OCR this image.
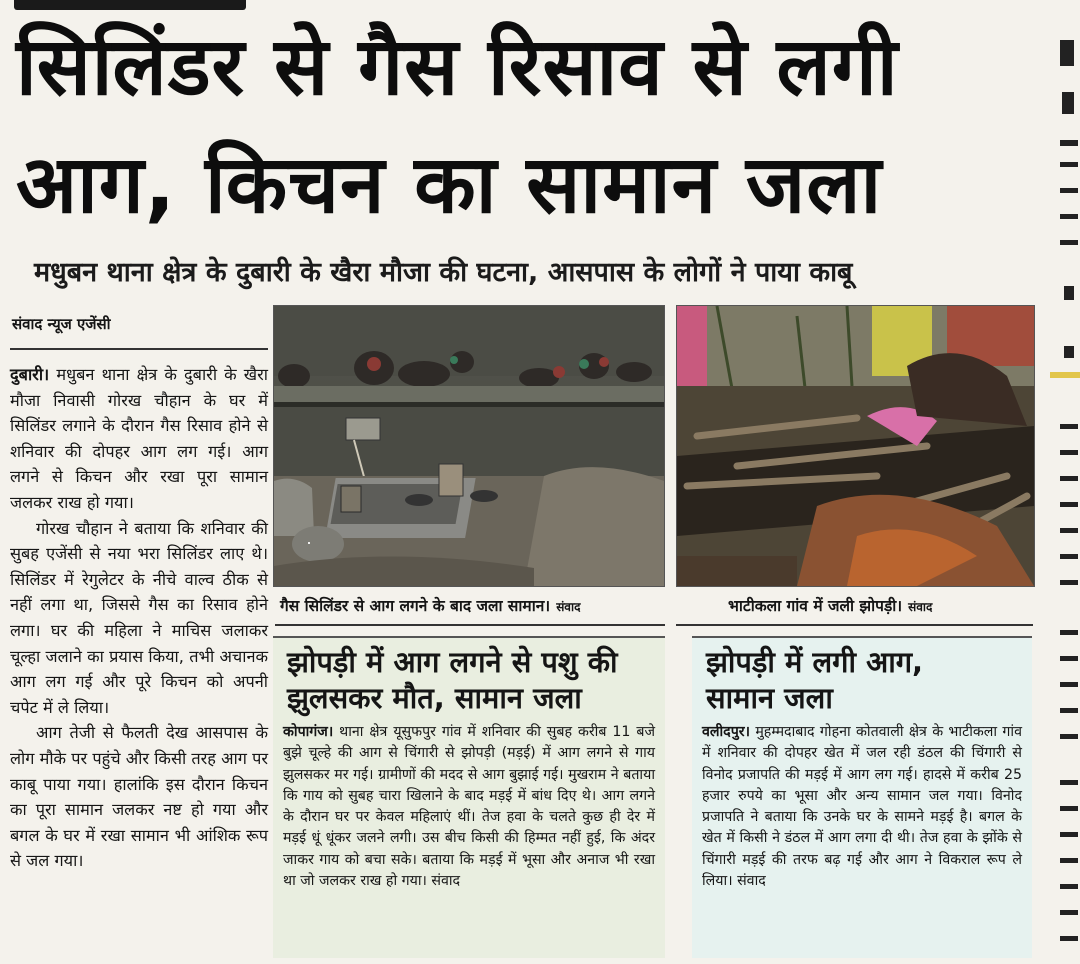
सिलिंडर से गैस रिसाव से लगी
आग, किचन का सामान जला
मधुबन थाना क्षेत्र के दुबारी के खैरा मौजा की घटना, आसपास के लोगों ने पाया काबू
संवाद न्यूज एजेंसी

दुबारी। मधुबन थाना क्षेत्र के दुबारी के खैरा मौजा निवासी गोरख चौहान के घर में सिलिंडर लगाने के दौरान गैस रिसाव होने से शनिवार की दोपहर आग लग गई। आग लगने से किचन और रखा पूरा सामान जलकर राख हो गया।

गोरख चौहान ने बताया कि शनिवार की सुबह एजेंसी से नया भरा सिलिंडर लाए थे। सिलिंडर में रेगुलेटर के नीचे वाल्व ठीक से नहीं लगा था, जिससे गैस का रिसाव होने लगा। घर की महिला ने माचिस जलाकर चूल्हा जलाने का प्रयास किया, तभी अचानक आग लग गई और पूरे किचन को अपनी चपेट में ले लिया।

आग तेजी से फैलती देख आसपास के लोग मौके पर पहुंचे और किसी तरह आग पर काबू पाया गया। हालांकि इस दौरान किचन का पूरा सामान जलकर नष्ट हो गया और बगल के घर में रखा सामान भी आंशिक रूप से जल गया।

गैस सिलिंडर से आग लगने के बाद जला सामान। संवाद	भाटीकला गांव में जली झोपड़ी। संवाद
झोपड़ी में आग लगने से पशु की
झुलसकर मौत, सामान जला
कोपागंज। थाना क्षेत्र यूसुफपुर गांव में शनिवार की सुबह करीब 11 बजे बुझे चूल्हे की आग से चिंगारी से झोपड़ी (मड़ई) में आग लगने से गाय झुलसकर मर गई। ग्रामीणों की मदद से आग बुझाई गई। मुखराम ने बताया कि गाय को सुबह चारा खिलाने के बाद मड़ई में बांध दिए थे। आग लगने के दौरान घर पर केवल महिलाएं थीं। तेज हवा के चलते कुछ ही देर में मड़ई धूं धूंकर जलने लगी। उस बीच किसी की हिम्मत नहीं हुई, कि अंदर जाकर गाय को बचा सके। बताया कि मड़ई में भूसा और अनाज भी रखा था जो जलकर राख हो गया। संवाद
झोपड़ी में लगी आग,
सामान जला
वलीदपुर। मुहम्मदाबाद गोहना कोतवाली क्षेत्र के भाटीकला गांव में शनिवार की दोपहर खेत में जल रही डंठल की चिंगारी से विनोद प्रजापति की मड़ई में आग लग गई। हादसे में करीब 25 हजार रुपये का भूसा और अन्य सामान जल गया। विनोद प्रजापति ने बताया कि उनके घर के सामने मड़ई है। बगल के खेत में किसी ने डंठल में आग लगा दी थी। तेज हवा के झोंके से चिंगारी मड़ई की तरफ बढ़ गई और आग ने विकराल रूप ले लिया। संवाद
